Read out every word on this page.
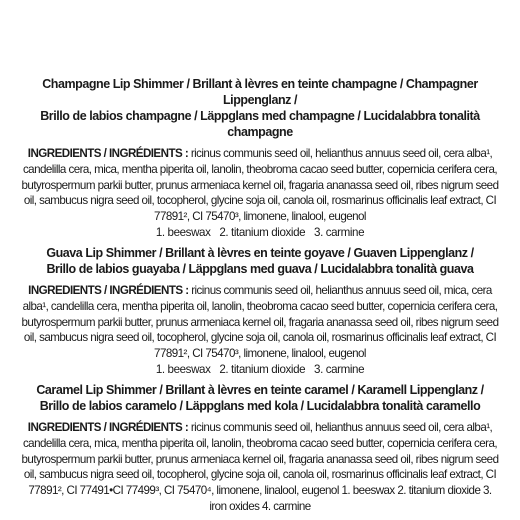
Champagne Lip Shimmer / Brillant à lèvres en teinte champagne / Champagner Lippenglanz /
Brillo de labios champagne / Läppglans med champagne / Lucidalabbra tonalità champagne

INGREDIENTS / INGRÉDIENTS : ricinus communis seed oil, helianthus annuus seed oil, cera alba¹, candelilla cera, mica, mentha piperita oil, lanolin, theobroma cacao seed butter, copernicia cerifera cera, butyrospermum parkii butter, prunus armeniaca kernel oil, fragaria ananassa seed oil, ribes nigrum seed oil, sambucus nigra seed oil, tocopherol, glycine soja oil, canola oil, rosmarinus officinalis leaf extract, CI 77891², CI 75470³, limonene, linalool, eugenol
1. beeswax 2. titanium dioxide 3. carmine

Guava Lip Shimmer / Brillant à lèvres en teinte goyave / Guaven Lippenglanz /
Brillo de labios guayaba / Läppglans med guava / Lucidalabbra tonalità guava

INGREDIENTS / INGRÉDIENTS : ricinus communis seed oil, helianthus annuus seed oil, mica, cera alba¹, candelilla cera, mentha piperita oil, lanolin, theobroma cacao seed butter, copernicia cerifera cera, butyrospermum parkii butter, prunus armeniaca kernel oil, fragaria ananassa seed oil, ribes nigrum seed oil, sambucus nigra seed oil, tocopherol, glycine soja oil, canola oil, rosmarinus officinalis leaf extract, CI 77891², CI 75470³, limonene, linalool, eugenol
1. beeswax 2. titanium dioxide 3. carmine

Caramel Lip Shimmer / Brillant à lèvres en teinte caramel / Karamell Lippenglanz /
Brillo de labios caramelo / Läppglans med kola / Lucidalabbra tonalità caramello

INGREDIENTS / INGRÉDIENTS : ricinus communis seed oil, helianthus annuus seed oil, cera alba¹, candelilla cera, mica, mentha piperita oil, lanolin, theobroma cacao seed butter, copernicia cerifera cera, butyrospermum parkii butter, prunus armeniaca kernel oil, fragaria ananassa seed oil, ribes nigrum seed oil, sambucus nigra seed oil, tocopherol, glycine soja oil, canola oil, rosmarinus officinalis leaf extract, CI 77891², CI 77491•CI 77499³, CI 75470⁴, limonene, linalool, eugenol 1. beeswax 2. titanium dioxide 3. iron oxides 4. carmine
